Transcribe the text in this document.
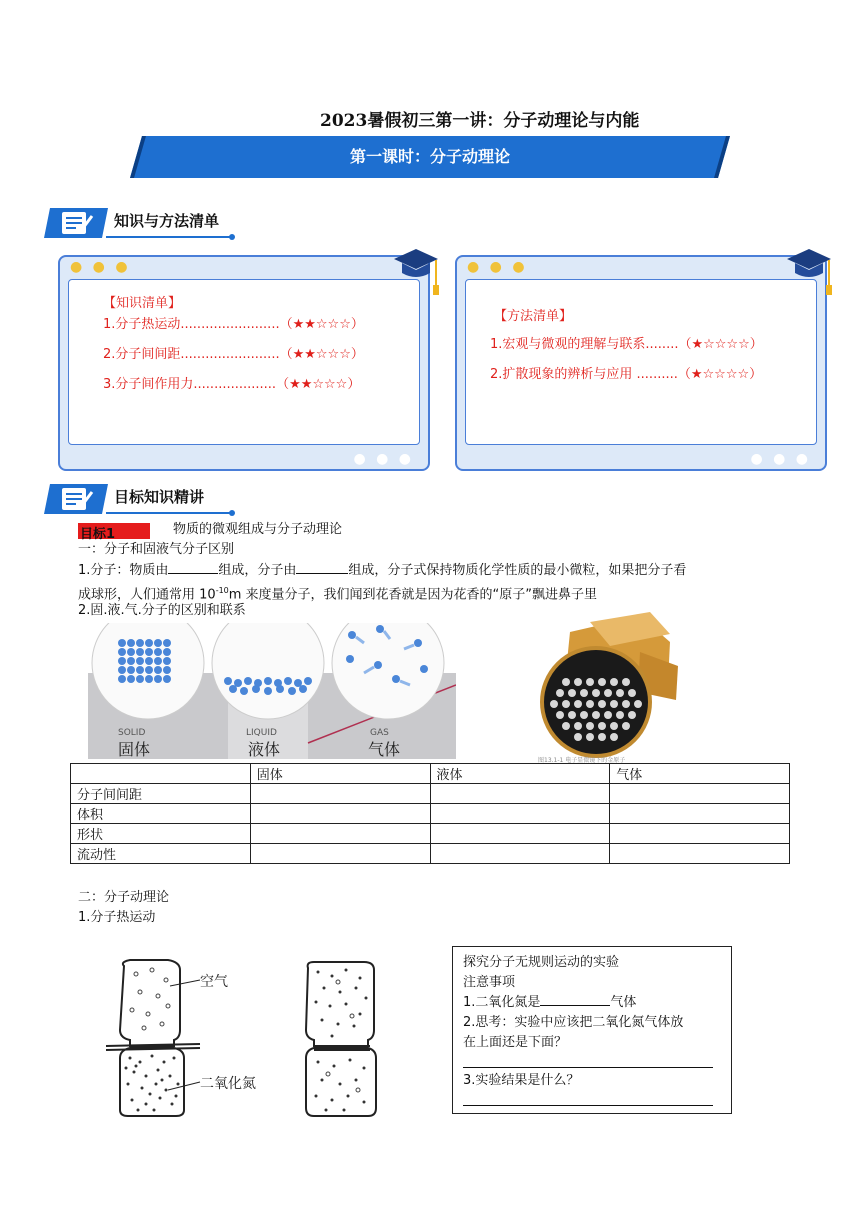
2023暑假初三第一讲：分子动理论与内能
第一课时：分子动理论
知识与方法清单
● ● ●
【知识清单】
1.分子热运动........................（★★☆☆☆）
2.分子间间距........................（★★☆☆☆）
3.分子间作用力....................（★★☆☆☆）
● ● ●
● ● ●
【方法清单】
1.宏观与微观的理解与联系........（★☆☆☆☆）
2.扩散现象的辨析与应用 ..........（★☆☆☆☆）
● ● ●
目标知识精讲
目标1	物质的微观组成与分子动理论
一：分子和固液气分子区别
1.分子：物质由	组成，分子由	组成，分子式保持物质化学性质的最小微粒，如果把分子看
成球形，人们通常用 $10^{-10}m$ 来度量分子，我们闻到花香就是因为花香的“原子”飘进鼻子里
2.固.液.气.分子的区别和联系
SOLID
固体
LIQUID
液体
GAS
气体
图13.1-1 电子显微镜下的金原子
	固体	液体	气体
分子间间距			
体积			
形状			
流动性			
二：分子动理论
1.分子热运动
空气
二氧化氮
探究分子无规则运动的实验
注意事项
1.二氧化氮是	气体
2.思考：实验中应该把二氧化氮气体放
在上面还是下面？
3.实验结果是什么？
